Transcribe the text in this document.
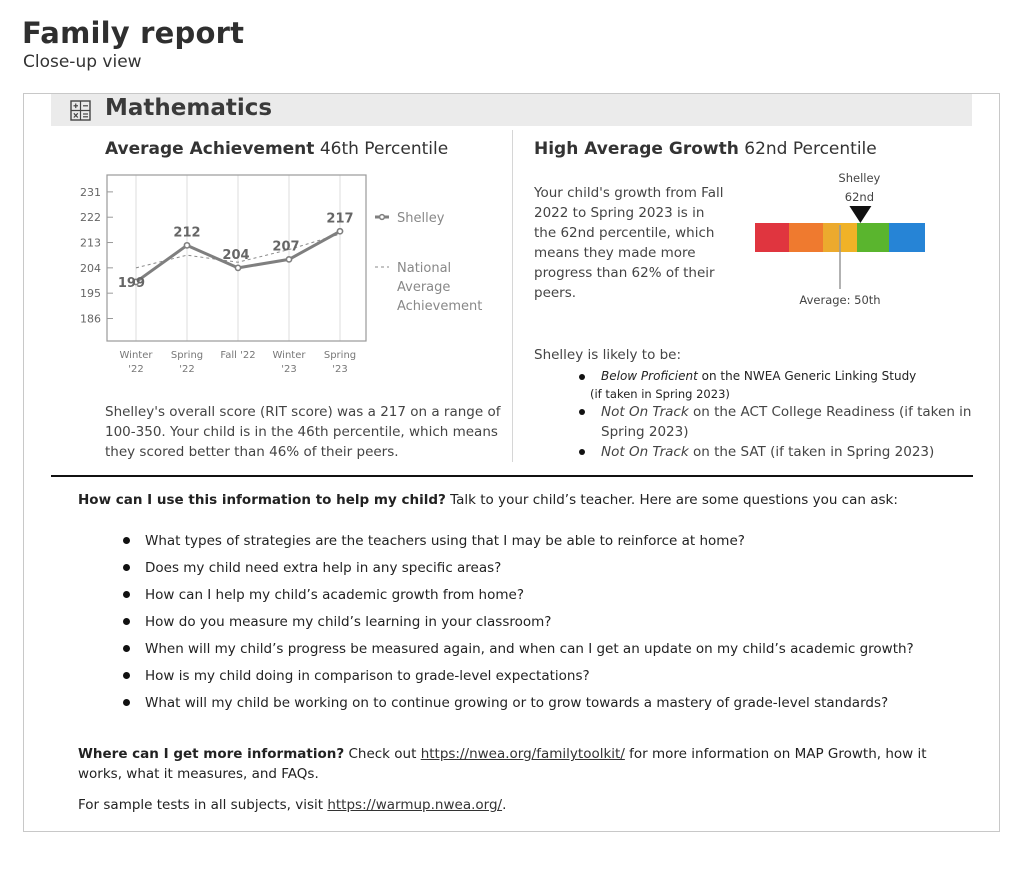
Family report
Close-up view
Mathematics
Average Achievement 46th Percentile
186
195
204
213
222
231
Winter
'22
Spring
'22
Fall '22 Winter
'23
Spring
'23
199
212
204
207
217	Shelley
National
Average
Achievement
Shelley's overall score (RIT score) was a 217 on a range of 100-350. Your child is in the 46th percentile, which means they scored better than 46% of their peers.
High Average Growth 62nd Percentile
Your child's growth from Fall 2022 to Spring 2023 is in the 62nd percentile, which means they made more progress than 62% of their peers.
Shelley
62nd
Average: 50th
Shelley is likely to be:
Below Proficient on the NWEA Generic Linking Study
(if taken in Spring 2023)
Not On Track on the ACT College Readiness (if taken in Spring 2023)
Not On Track on the SAT (if taken in Spring 2023)
How can I use this information to help my child? Talk to your child’s teacher. Here are some questions you can ask:
What types of strategies are the teachers using that I may be able to reinforce at home?
Does my child need extra help in any specific areas?
How can I help my child’s academic growth from home?
How do you measure my child’s learning in your classroom?
When will my child’s progress be measured again, and when can I get an update on my child’s academic growth?
How is my child doing in comparison to grade-level expectations?
What will my child be working on to continue growing or to grow towards a mastery of grade-level standards?
Where can I get more information? Check out https://nwea.org/familytoolkit/ for more information on MAP Growth, how it works, what it measures, and FAQs.
For sample tests in all subjects, visit https://warmup.nwea.org/.
